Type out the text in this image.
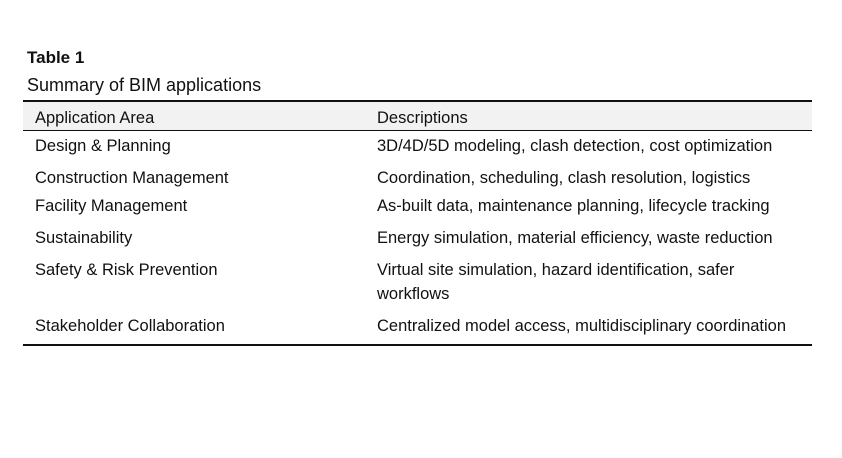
Table 1
Summary of BIM applications
Application Area	Descriptions
Design & Planning	3D/4D/5D modeling, clash detection, cost optimization
Construction Management	Coordination, scheduling, clash resolution, logistics
Facility Management	As-built data, maintenance planning, lifecycle tracking
Sustainability	Energy simulation, material efficiency, waste reduction
Safety & Risk Prevention	Virtual site simulation, hazard identification, safer workflows
Stakeholder Collaboration	Centralized model access, multidisciplinary coordination
